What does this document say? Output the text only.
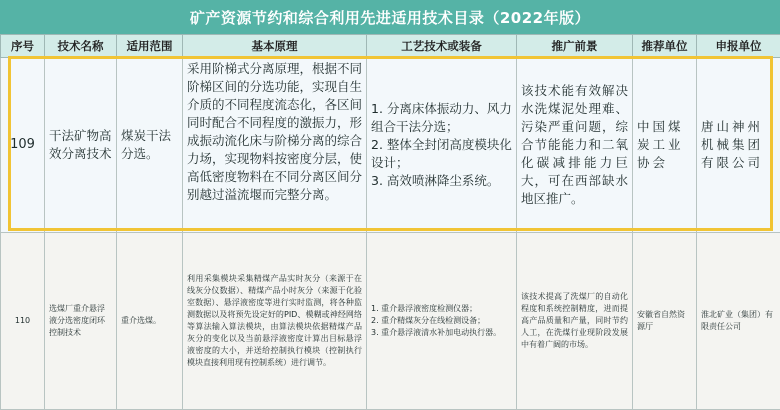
矿产资源节约和综合利用先进适用技术目录（2022年版）
序号	技术名称	适用范围	基本原理	工艺技术或装备	推广前景	推荐单位	申报单位
109	干法矿物高效分离技术	煤炭干法分选。	采用阶梯式分离原理，根据不同阶梯区间的分选功能，实现自生介质的不同程度流态化，各区间同时配合不同程度的激振力，形成振动流化床与阶梯分离的综合力场，实现物料按密度分层，使高低密度物料在不同分离区间分别越过溢流堰而完整分离。	1. 分离床体振动力、风力组合干法分选；
2. 整体全封闭高度模块化设计；
3. 高效喷淋降尘系统。	该技术能有效解决水洗煤泥处理难、污染严重问题，综合节能能力和二氧化碳减排能力巨大，可在西部缺水地区推广。	中国煤炭工业协会	唐山神州机械集团有限公司

110	选煤厂重介悬浮液分选密度闭环控制技术	重介选煤。	利用采集模块采集精煤产品实时灰分（来源于在线灰分仪数据）、精煤产品小时灰分（来源于化验室数据）、悬浮液密度等进行实时监测，将各种监测数据以及将预先设定好的PID、模糊或神经网络等算法输入算法模块，由算法模块依据精煤产品灰分的变化以及当前悬浮液密度计算出目标悬浮液密度的大小，并送给控制执行模块（控制执行模块直接利用现有控制系统）进行调节。	1. 重介悬浮液密度检测仪器；
2. 重介精煤灰分在线检测设备；
3. 重介悬浮液清水补加电动执行器。	该技术提高了洗煤厂的自动化程度和系统控制精度，进而提高产品质量和产量，同时节约人工，在洗煤行业现阶段发展中有着广阔的市场。	安徽省自然资源厅	淮北矿业（集团）有限责任公司
